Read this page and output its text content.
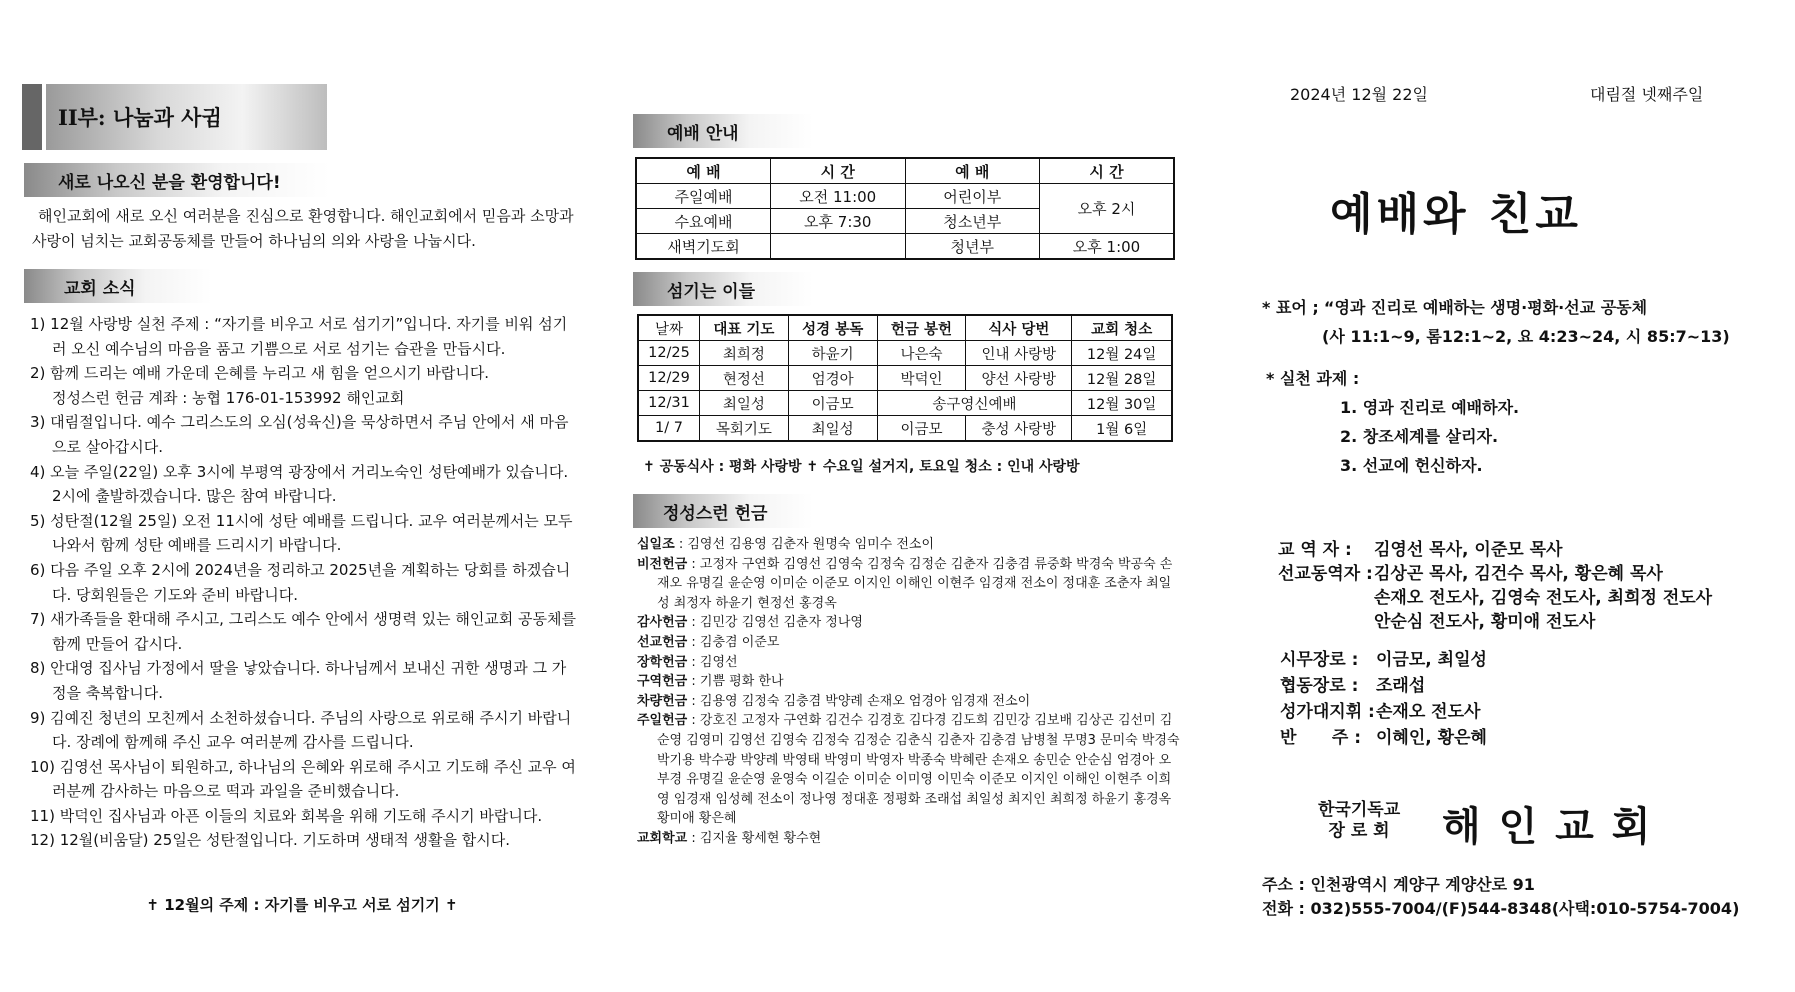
II부: 나눔과 사귐
새로 나오신 분을 환영합니다!
해인교회에 새로 오신 여러분을 진심으로 환영합니다. 해인교회에서 믿음과 소망과 사랑이 넘치는 교회공동체를 만들어 하나님의 의와 사랑을 나눕시다.
교회 소식
1) 12월 사랑방 실천 주제 : “자기를 비우고 서로 섬기기”입니다. 자기를 비워 섬기러 오신 예수님의 마음을 품고 기쁨으로 서로 섬기는 습관을 만듭시다.
2) 함께 드리는 예배 가운데 은혜를 누리고 새 힘을 얻으시기 바랍니다.
정성스런 헌금 계좌 : 농협 176-01-153992 해인교회
3) 대림절입니다. 예수 그리스도의 오심(성육신)을 묵상하면서 주님 안에서 새 마음으로 살아갑시다.
4) 오늘 주일(22일) 오후 3시에 부평역 광장에서 거리노숙인 성탄예배가 있습니다. 2시에 출발하겠습니다. 많은 참여 바랍니다.
5) 성탄절(12월 25일) 오전 11시에 성탄 예배를 드립니다. 교우 여러분께서는 모두 나와서 함께 성탄 예배를 드리시기 바랍니다.
6) 다음 주일 오후 2시에 2024년을 정리하고 2025년을 계획하는 당회를 하겠습니다. 당회원들은 기도와 준비 바랍니다.
7) 새가족들을 환대해 주시고, 그리스도 예수 안에서 생명력 있는 해인교회 공동체를 함께 만들어 갑시다.
8) 안대영 집사님 가정에서 딸을 낳았습니다. 하나님께서 보내신 귀한 생명과 그 가정을 축복합니다.
9) 김예진 청년의 모친께서 소천하셨습니다. 주님의 사랑으로 위로해 주시기 바랍니다. 장례에 함께해 주신 교우 여러분께 감사를 드립니다.
10) 김영선 목사님이 퇴원하고, 하나님의 은혜와 위로해 주시고 기도해 주신 교우 여러분께 감사하는 마음으로 떡과 과일을 준비했습니다.
11) 박덕인 집사님과 아픈 이들의 치료와 회복을 위해 기도해 주시기 바랍니다.
12) 12월(비움달) 25일은 성탄절입니다. 기도하며 생태적 생활을 합시다.
✝ 12월의 주제 : 자기를 비우고 서로 섬기기 ✝
예배 안내
예 배	시 간	예 배	시 간
주일예배	오전 11:00	어린이부	오후 2시
수요예배	오후 7:30	청소년부	
새벽기도회		청년부	오후 1:00
섬기는 이들
날짜	대표 기도	성경 봉독	헌금 봉헌	식사 당번	교회 청소
12/25	최희정	하윤기	나은숙	인내 사랑방	12월 24일
12/29	현정선	엄경아	박덕인	양선 사랑방	12월 28일
12/31	최일성	이금모	송구영신예배		12월 30일
1/ 7	목회기도	최일성	이금모	충성 사랑방	1월 6일
✝ 공동식사 : 평화 사랑방 ✝ 수요일 설거지, 토요일 청소 : 인내 사랑방
정성스런 헌금
십일조 : 김영선 김용영 김춘자 원명숙 임미수 전소이
비전헌금 : 고정자 구연화 김영선 김영숙 김정숙 김정순 김춘자 김충겸 류중화 박경숙 박공숙 손재오 유명길 윤순영 이미순 이준모 이지인 이해인 이현주 임경재 전소이 정대훈 조춘자 최일성 최정자 하윤기 현정선 홍경옥
감사헌금 : 김민강 김영선 김춘자 정나영
선교헌금 : 김충겸 이준모
장학헌금 : 김영선
구역헌금 : 기쁨 평화 한나
차량헌금 : 김용영 김정숙 김충겸 박양례 손재오 엄경아 임경재 전소이
주일헌금 : 강호진 고정자 구연화 김건수 김경호 김다경 김도희 김민강 김보배 김상곤 김선미 김순영 김영미 김영선 김영숙 김정숙 김정순 김춘식 김춘자 김충겸 남병철 무명3 문미숙 박경숙 박기용 박수광 박양례 박영태 박영미 박영자 박종숙 박혜란 손재오 송민순 안순심 엄경아 오부경 유명길 윤순영 윤영숙 이길순 이미순 이미영 이민숙 이준모 이지인 이해인 이현주 이희영 임경재 임성혜 전소이 정나영 정대훈 정평화 조래섭 최일성 최지인 최희정 하윤기 홍경옥 황미애 황은혜
교회학교 : 김지율 황세현 황수현
2024년 12월 22일	대림절 넷째주일
예배와 친교
* 표어 ; “영과 진리로 예배하는 생명·평화·선교 공동체
(사 11:1~9, 롬12:1~2, 요 4:23~24, 시 85:7~13)
* 실천 과제 :
1. 영과 진리로 예배하자.
2. 창조세계를 살리자.
3. 선교에 헌신하자.
교 역 자 :	김영선 목사, 이준모 목사
선교동역자 : 김상곤 목사, 김건수 목사, 황은혜 목사
손재오 전도사, 김영숙 전도사, 최희정 전도사
안순심 전도사, 황미애 전도사
시무장로 :	이금모, 최일성
협동장로 :	조래섭
성가대지휘 : 손재오 전도사
반      주 : 이혜인, 황은혜
한국기독교
장 로 회 해 인 교 회
주소 : 인천광역시 계양구 계양산로 91
전화 : 032)555-7004/(F)544-8348(사택:010-5754-7004)
